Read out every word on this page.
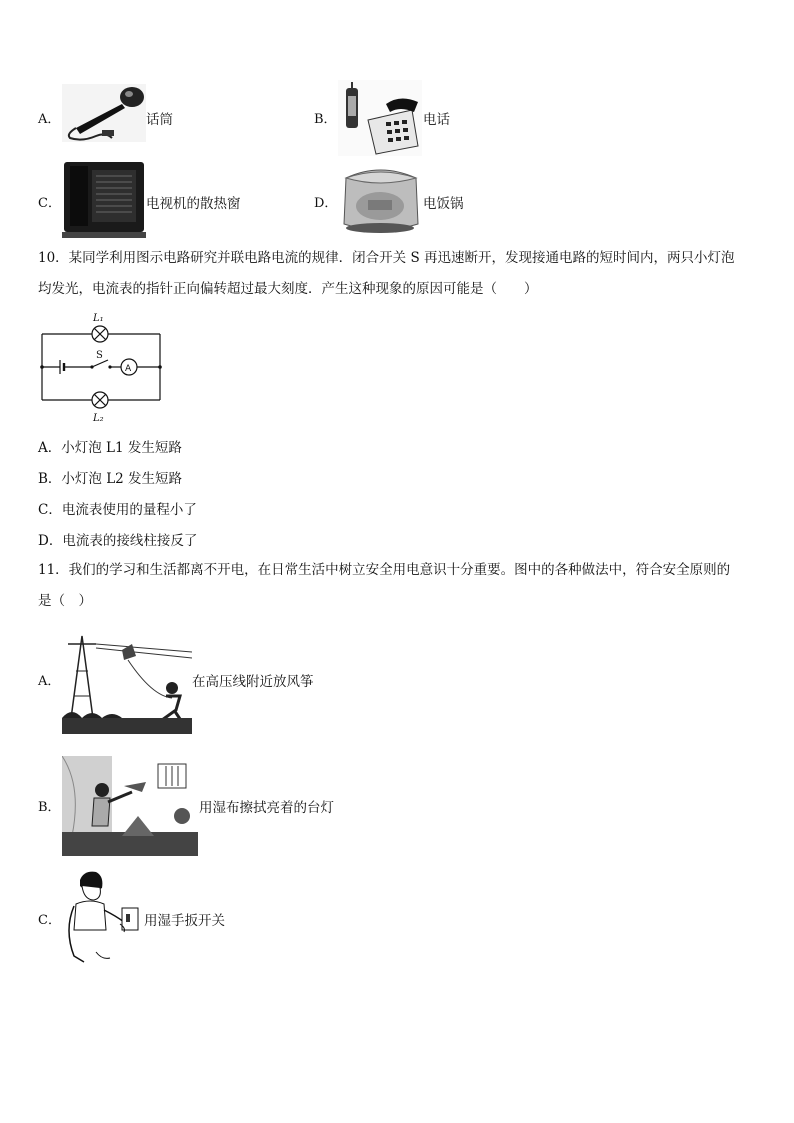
A．	话筒	B．	电话
C．	电视机的散热窗	D．	电饭锅
10．某同学利用图示电路研究并联电路电流的规律．闭合开关 S 再迅速断开，发现接通电路的短时间内，两只小灯泡
均发光，电流表的指针正向偏转超过最大刻度．产生这种现象的原因可能是（　　）
L₁
L₂
S
A
A．小灯泡 L1 发生短路
B．小灯泡 L2 发生短路
C．电流表使用的量程小了
D．电流表的接线柱接反了
11．我们的学习和生活都离不开电，在日常生活中树立安全用电意识十分重要。图中的各种做法中，符合安全原则的
是（　）
A．	在高压线附近放风筝
B．	用湿布擦拭亮着的台灯
C．	用湿手扳开关
